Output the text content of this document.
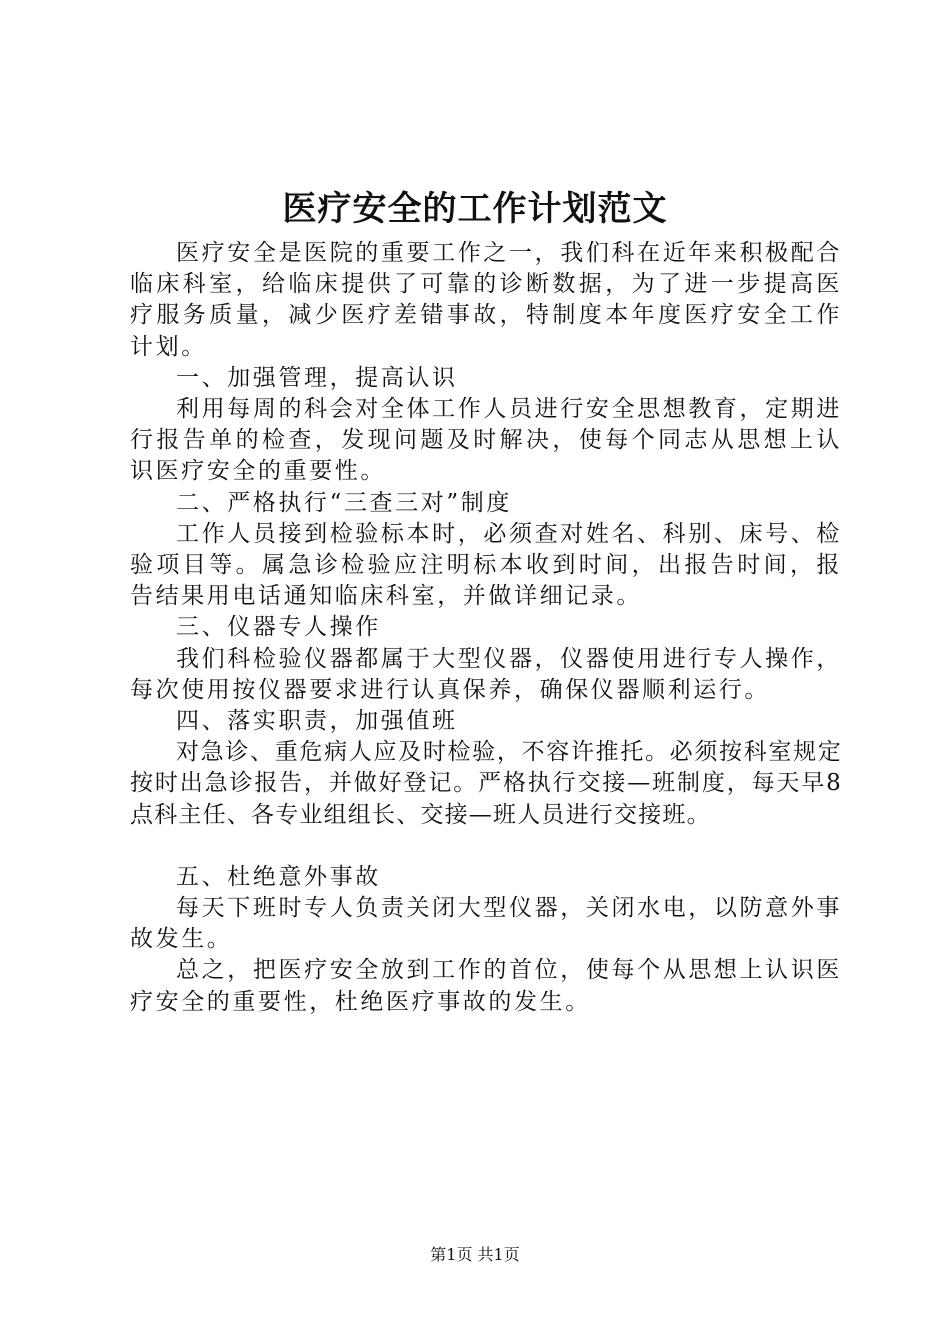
医疗安全的工作计划范文

医疗安全是医院的重要工作之一，我们科在近年来积极配合临床科室，给临床提供了可靠的诊断数据，为了进一步提高医疗服务质量，减少医疗差错事故，特制度本年度医疗安全工作计划。

一、加强管理，提高认识

利用每周的科会对全体工作人员进行安全思想教育，定期进行报告单的检查，发现问题及时解决，使每个同志从思想上认识医疗安全的重要性。

二、严格执行“三查三对”制度

工作人员接到检验标本时，必须查对姓名、科别、床号、检验项目等。属急诊检验应注明标本收到时间，出报告时间，报告结果用电话通知临床科室，并做详细记录。

三、仪器专人操作

我们科检验仪器都属于大型仪器，仪器使用进行专人操作，每次使用按仪器要求进行认真保养，确保仪器顺利运行。

四、落实职责，加强值班

对急诊、重危病人应及时检验，不容许推托。必须按科室规定按时出急诊报告，并做好登记。严格执行交接—班制度，每天早8点科主任、各专业组组长、交接—班人员进行交接班。

五、杜绝意外事故

每天下班时专人负责关闭大型仪器，关闭水电，以防意外事故发生。

总之，把医疗安全放到工作的首位，使每个从思想上认识医疗安全的重要性，杜绝医疗事故的发生。

第1页 共1页
